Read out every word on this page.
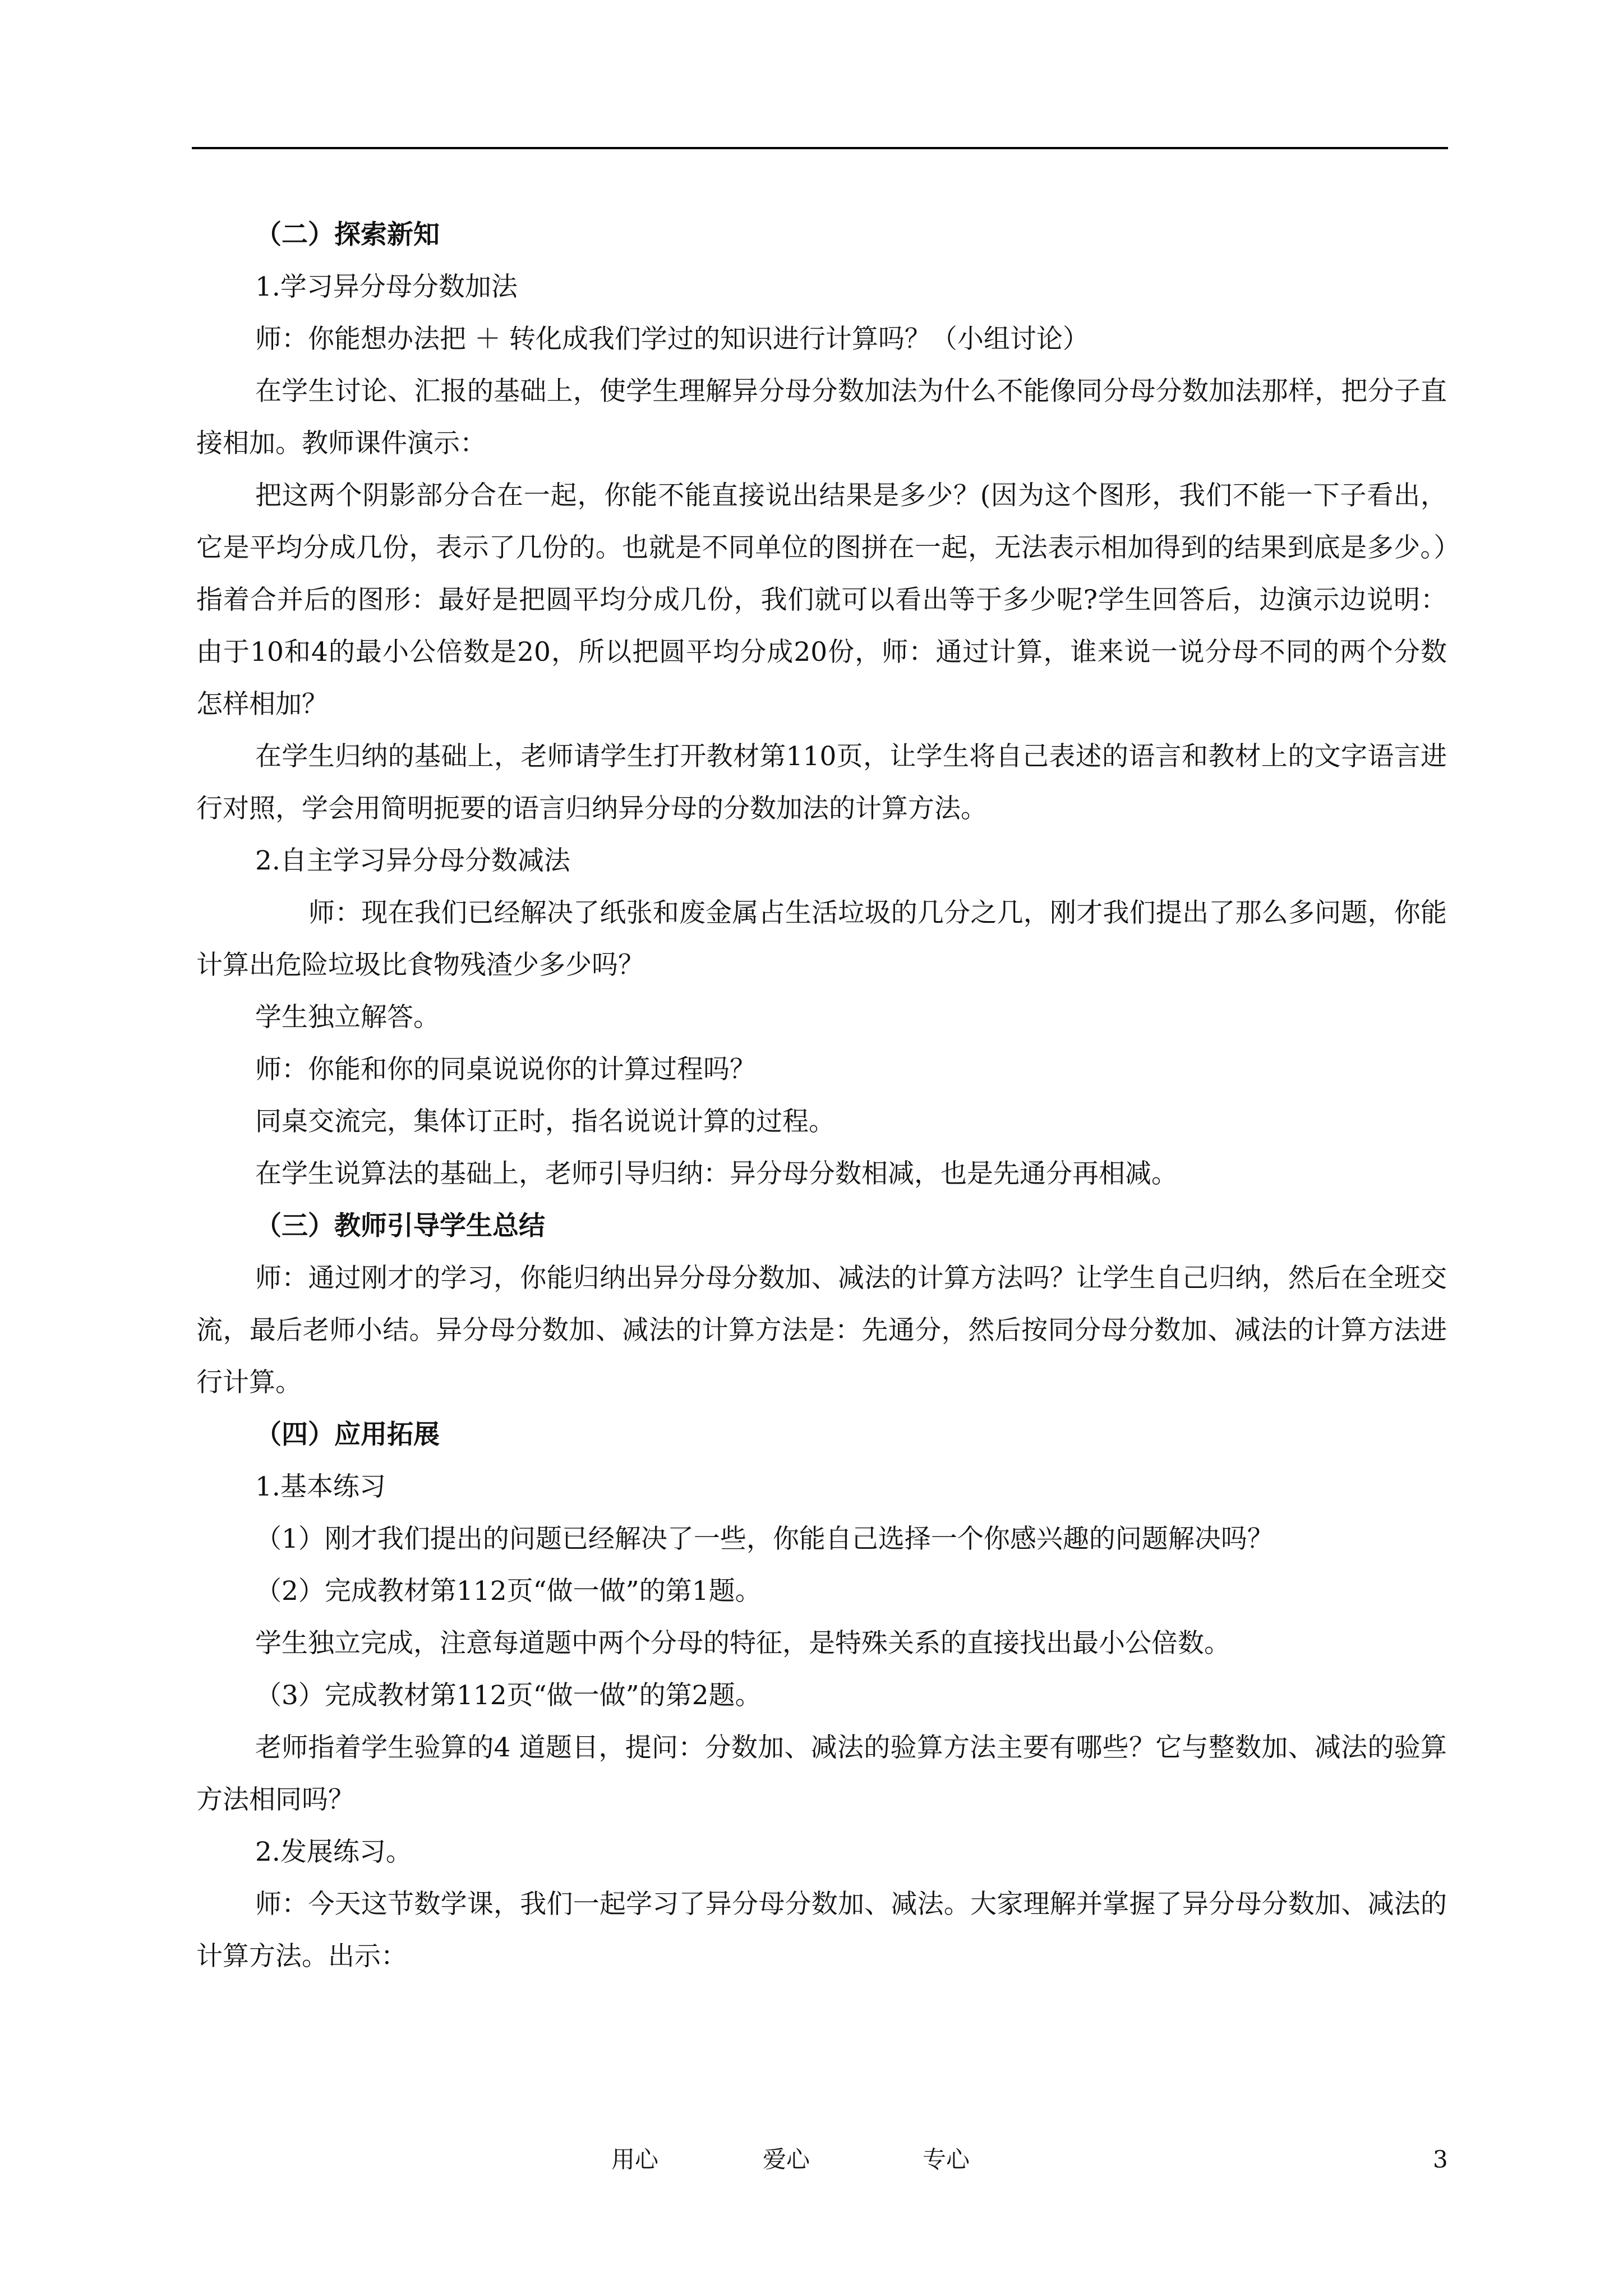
（二）探索新知

1.学习异分母分数加法

师：你能想办法把 ＋ 转化成我们学过的知识进行计算吗？（小组讨论）

在学生讨论、汇报的基础上，使学生理解异分母分数加法为什么不能像同分母分数加法那样，把分子直接相加。教师课件演示：

把这两个阴影部分合在一起，你能不能直接说出结果是多少？(因为这个图形，我们不能一下子看出，它是平均分成几份，表示了几份的。也就是不同单位的图拼在一起，无法表示相加得到的结果到底是多少。）指着合并后的图形：最好是把圆平均分成几份，我们就可以看出等于多少呢?学生回答后，边演示边说明：由于10和4的最小公倍数是20，所以把圆平均分成20份，师：通过计算，谁来说一说分母不同的两个分数怎样相加？

在学生归纳的基础上，老师请学生打开教材第110页，让学生将自己表述的语言和教材上的文字语言进行对照，学会用简明扼要的语言归纳异分母的分数加法的计算方法。

2.自主学习异分母分数减法

师：现在我们已经解决了纸张和废金属占生活垃圾的几分之几，刚才我们提出了那么多问题，你能计算出危险垃圾比食物残渣少多少吗？

学生独立解答。

师：你能和你的同桌说说你的计算过程吗？

同桌交流完，集体订正时，指名说说计算的过程。

在学生说算法的基础上，老师引导归纳：异分母分数相减，也是先通分再相减。

（三）教师引导学生总结

师：通过刚才的学习，你能归纳出异分母分数加、减法的计算方法吗？让学生自己归纳，然后在全班交流，最后老师小结。异分母分数加、减法的计算方法是：先通分，然后按同分母分数加、减法的计算方法进行计算。

（四）应用拓展

1.基本练习

（1）刚才我们提出的问题已经解决了一些，你能自己选择一个你感兴趣的问题解决吗？

（2）完成教材第112页“做一做”的第1题。

学生独立完成，注意每道题中两个分母的特征，是特殊关系的直接找出最小公倍数。

（3）完成教材第112页“做一做”的第2题。

老师指着学生验算的4 道题目，提问：分数加、减法的验算方法主要有哪些？它与整数加、减法的验算方法相同吗？

2.发展练习。

师：今天这节数学课，我们一起学习了异分母分数加、减法。大家理解并掌握了异分母分数加、减法的计算方法。出示：

用心	爱心	专心	3
